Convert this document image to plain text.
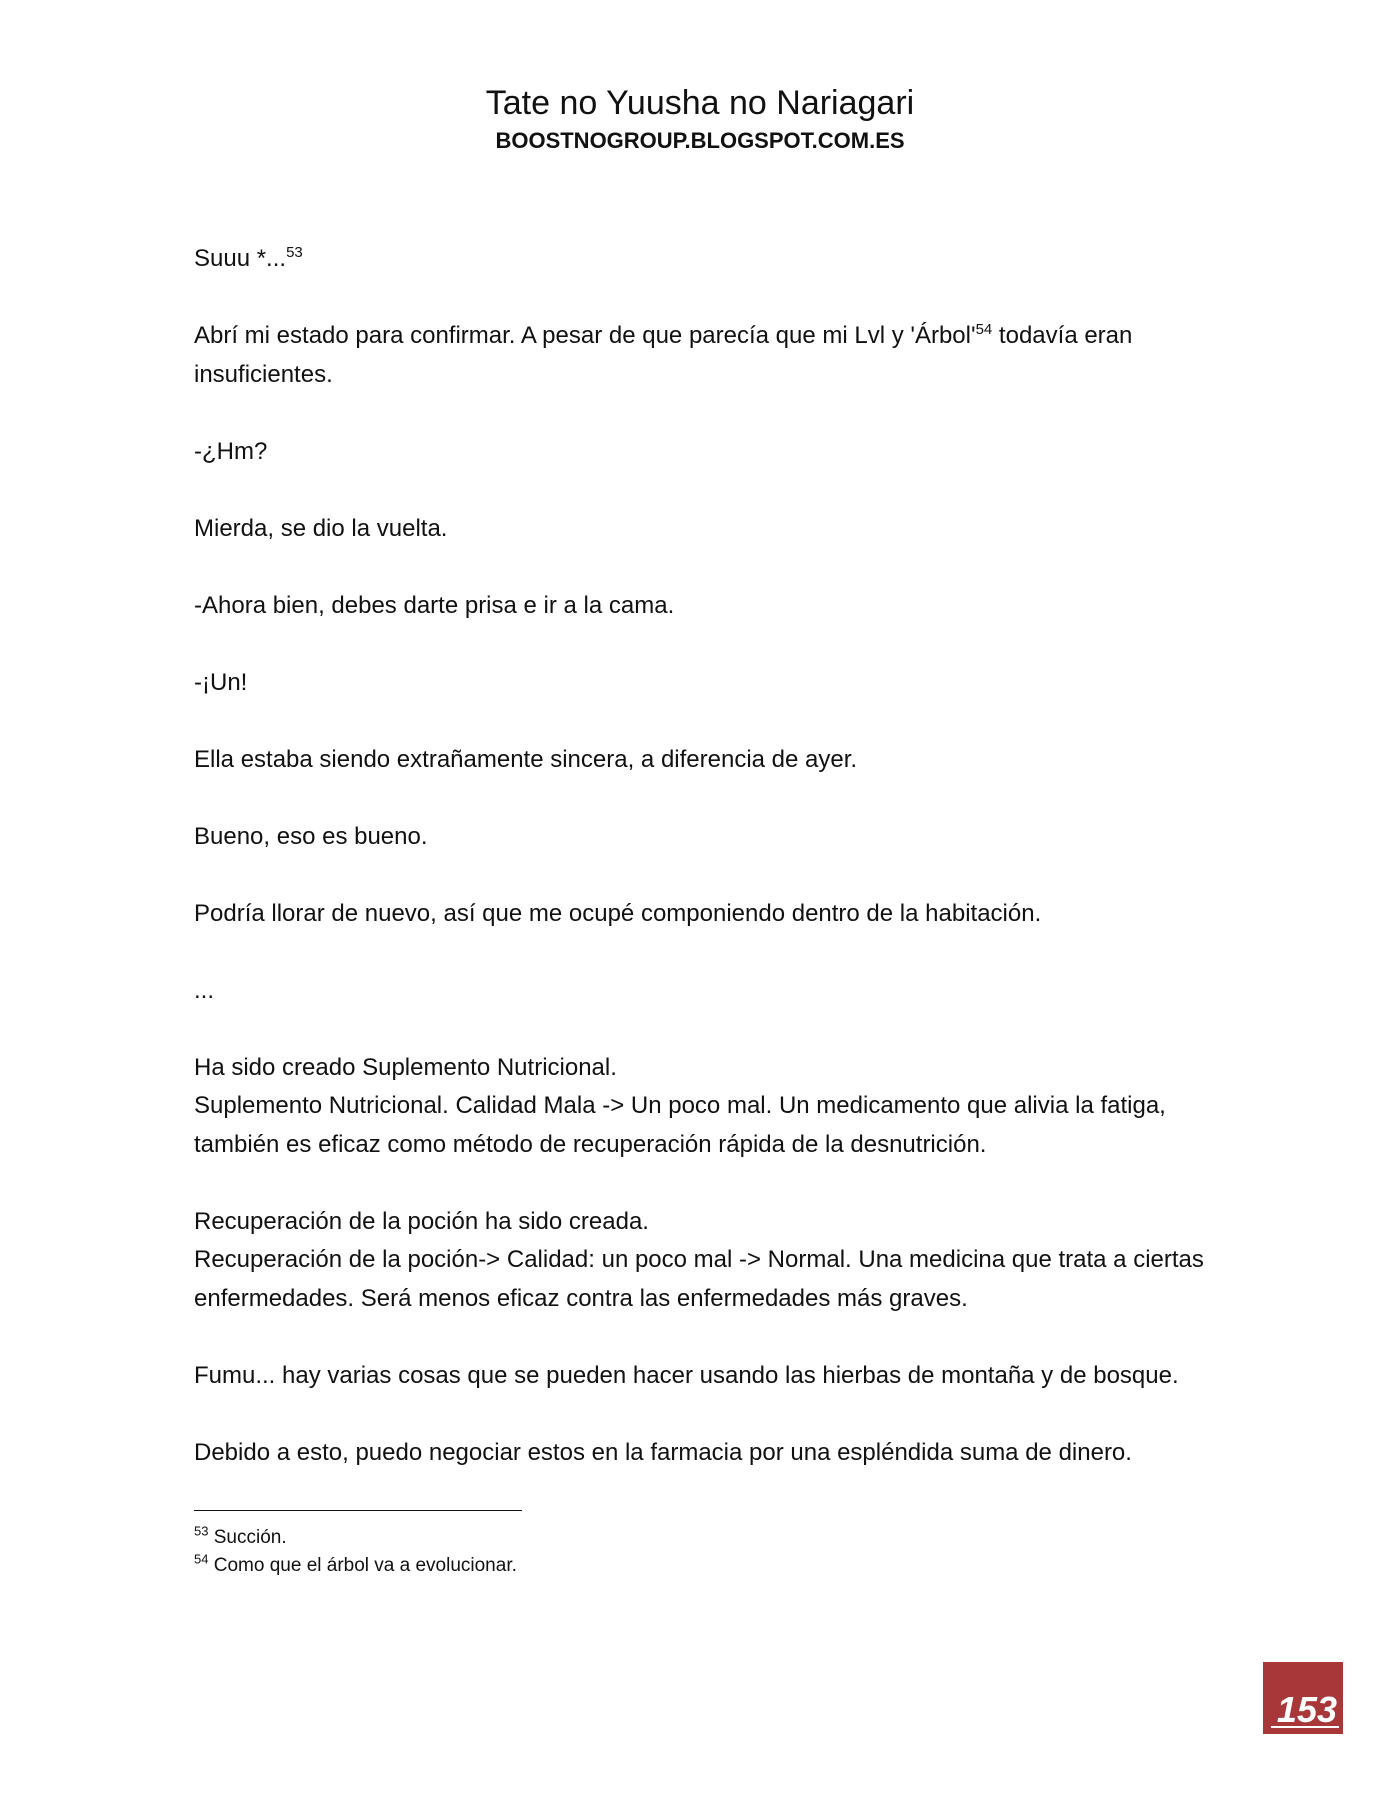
Tate no Yuusha no Nariagari
BOOSTNOGROUP.BLOGSPOT.COM.ES

Suuu *...$^{53}$

Abrí mi estado para confirmar. A pesar de que parecía que mi Lvl y '$Árbol'^{54}$ todavía eran insuficientes.

-¿Hm?

Mierda, se dio la vuelta.

-Ahora bien, debes darte prisa e ir a la cama.

-¡Un!

Ella estaba siendo extrañamente sincera, a diferencia de ayer.

Bueno, eso es bueno.

Podría llorar de nuevo, así que me ocupé componiendo dentro de la habitación.

...

Ha sido creado Suplemento Nutricional.
Suplemento Nutricional. Calidad Mala -> Un poco mal. Un medicamento que alivia la fatiga, también es eficaz como método de recuperación rápida de la desnutrición.

Recuperación de la poción ha sido creada.
Recuperación de la poción-> Calidad: un poco mal -> Normal. Una medicina que trata a ciertas enfermedades. Será menos eficaz contra las enfermedades más graves.

Fumu... hay varias cosas que se pueden hacer usando las hierbas de montaña y de bosque.

Debido a esto, puedo negociar estos en la farmacia por una espléndida suma de dinero.

$^{53}$ Succión.
$^{54}$ Como que el árbol va a evolucionar.
153
